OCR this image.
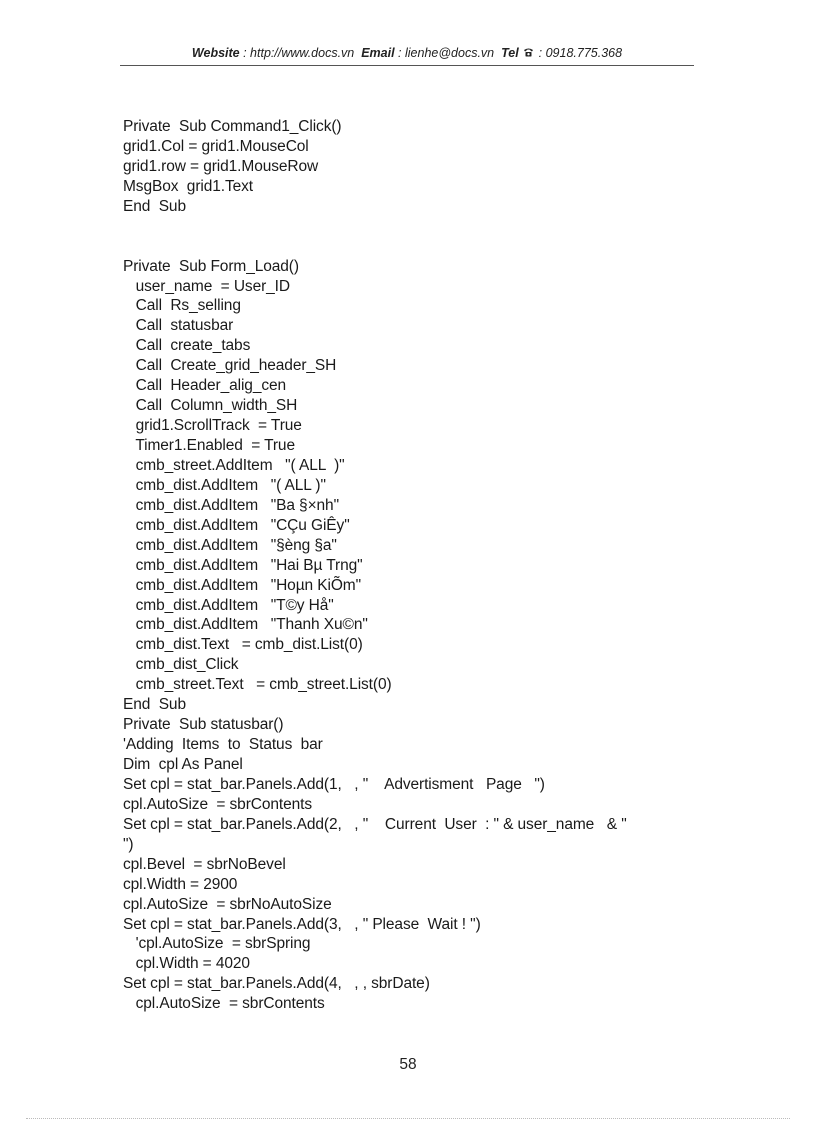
Website : http://www.docs.vn Email : lienhe@docs.vn Tel  : 0918.775.368
Private  Sub Command1_Click()
grid1.Col = grid1.MouseCol
grid1.row = grid1.MouseRow
MsgBox  grid1.Text
End  Sub
Private  Sub Form_Load()
user_name  = User_ID
Call  Rs_selling
Call  statusbar
Call  create_tabs
Call  Create_grid_header_SH
Call  Header_alig_cen
Call  Column_width_SH
grid1.ScrollTrack  = True
Timer1.Enabled  = True
cmb_street.AddItem   "( ALL  )"
cmb_dist.AddItem   "( ALL )"
cmb_dist.AddItem   "Ba §×nh"
cmb_dist.AddItem   "CÇu GiÊy"
cmb_dist.AddItem   "§èng §a"
cmb_dist.AddItem   "Hai Bµ Trng"
cmb_dist.AddItem   "Hoµn KiÕm"
cmb_dist.AddItem   "T©y Hå"
cmb_dist.AddItem   "Thanh Xu©n"
cmb_dist.Text   = cmb_dist.List(0)
cmb_dist_Click
cmb_street.Text   = cmb_street.List(0)
End  Sub
Private  Sub statusbar()
'Adding  Items  to  Status  bar
Dim  cpl As Panel
Set cpl = stat_bar.Panels.Add(1,   , "    Advertisment   Page   ")
cpl.AutoSize  = sbrContents
Set cpl = stat_bar.Panels.Add(2,   , "    Current  User  : " & user_name   & "
")
cpl.Bevel  = sbrNoBevel
cpl.Width = 2900
cpl.AutoSize  = sbrNoAutoSize
Set cpl = stat_bar.Panels.Add(3,   , " Please  Wait ! ")
'cpl.AutoSize  = sbrSpring
cpl.Width = 4020
Set cpl = stat_bar.Panels.Add(4,   , , sbrDate)
cpl.AutoSize  = sbrContents
58
